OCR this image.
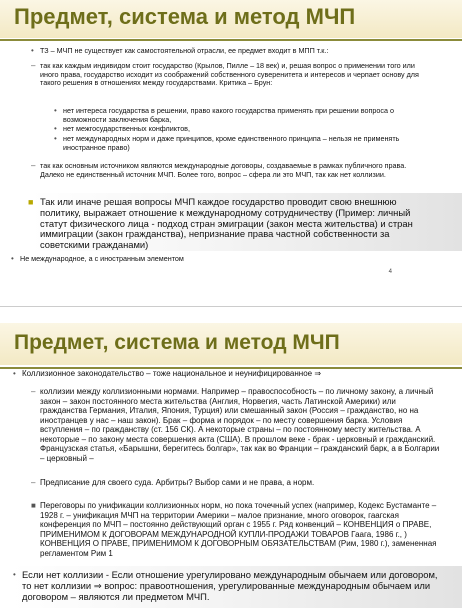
Предмет, система и метод МЧП
• ТЗ – МЧП не существует как самостоятельной отрасли, ее предмет входит в МПП т.к.:
– так как каждым индивидом стоит государство (Крылов, Пилле – 18 век) и, решая вопрос о применении того или иного права, государство исходит из соображений собственного суверенитета и интересов и черпает основу для такого решения в отношениях между государствами. Критика – Брун:
• нет интереса государства в решении, право какого государства применять при решении вопроса о возможности заключения барка,
• нет межгосударственных конфликтов,
• нет международных норм и даже принципов, кроме единственного принципа – нельзя не применять иностранное право)
– так как основным источником являются международные договоры, создаваемые в рамках публичного права. Далеко не единственный источник МЧП. Более того, вопрос – сфера ли это МЧП, так как нет коллизии.
■ Так или иначе решая вопросы МЧП каждое государство проводит свою внешнюю политику, выражает отношение к международному сотрудничеству (Пример: личный статут физического лица - подход стран эмиграции (закон места жительства) и стран иммиграции (закон гражданства), непризнание права частной собственности за советскими гражданами)
• Не международное, а с иностранным элементом
4
Предмет, система и метод МЧП
• Коллизионное законодательство – тоже национальное и неунифицированное ⇒
– коллизии между коллизионными нормами. Например – правоспособность – по личному закону, а личный закон – закон постоянного места жительства (Англия, Норвегия, часть Латинской Америки) или гражданства Германия, Италия, Япония, Турция) или смешанный закон (Россия – гражданство, но на иностранцев у нас – наш закон). Брак – форма и порядок – по месту совершения барка. Условия вступления – по гражданству (ст. 156 СК). А некоторые страны – по постоянному месту жительства. А некоторые – по закону места совершения акта (США). В прошлом веке - брак - церковный и гражданский. Французская статья, «Барышни, берегитесь болгар», так как во Франции – гражданский барк, а в Болгарии – церковный –
– Предписание для своего суда. Арбитры? Выбор сами и не права, а норм.
■ Переговоры по унификации коллизионных норм, но пока точечный успех (например, Кодекс Бустаманте – 1928 г. – унификация МЧП на территории Америки – малое признание, много оговорок, гаагская конференция по МЧП – постоянно действующий орган с 1955 г. Ряд конвенций – КОНВЕНЦИЯ о ПРАВЕ, ПРИМЕНИМОМ К ДОГОВОРАМ МЕЖДУНАРОДНОЙ КУПЛИ-ПРОДАЖИ ТОВАРОВ Гаага, 1986 г., ) КОНВЕНЦИЯ О ПРАВЕ, ПРИМЕНИМОМ К ДОГОВОРНЫМ ОБЯЗАТЕЛЬСТВАМ (Рим, 1980 г.), замененная регламентом Рим 1
• Если нет коллизии - Если отношение урегулировано международным обычаем или договором, то нет коллизии ⇒ вопрос: правоотношения, урегулированные международным обычаем или договором – являются ли предметом МЧП.
